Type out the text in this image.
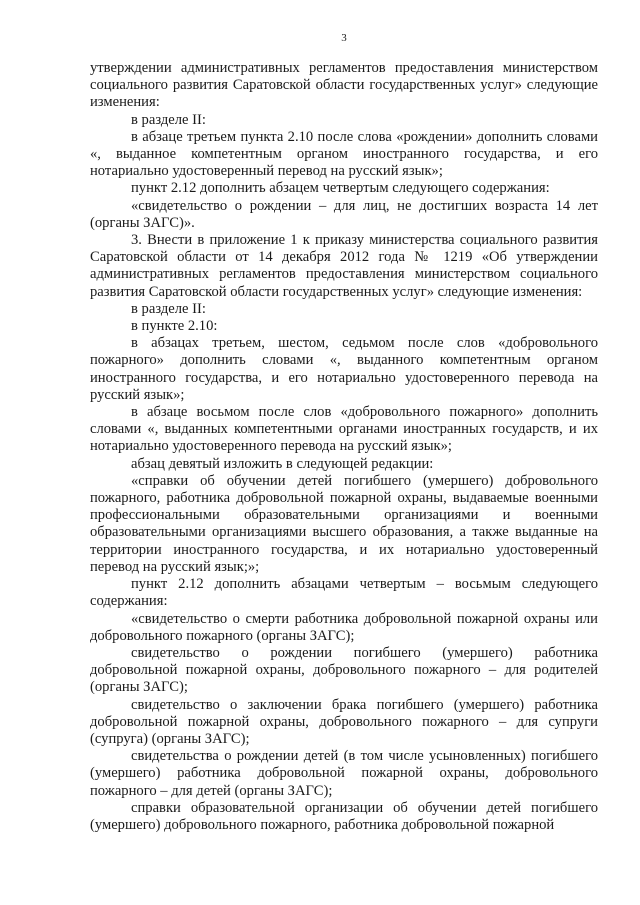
3

утверждении административных регламентов предоставления министерством социального развития Саратовской области государственных услуг» следующие изменения:

в разделе II:

в абзаце третьем пункта 2.10 после слова «рождении» дополнить словами «, выданное компетентным органом иностранного государства, и его нотариально удостоверенный перевод на русский язык»;

пункт 2.12 дополнить абзацем четвертым следующего содержания:

«свидетельство о рождении – для лиц, не достигших возраста 14 лет (органы ЗАГС)».

3. Внести в приложение 1 к приказу министерства социального развития Саратовской области от 14 декабря 2012 года № 1219 «Об утверждении административных регламентов предоставления министерством социального развития Саратовской области государственных услуг» следующие изменения:

в разделе II:

в пункте 2.10:

в абзацах третьем, шестом, седьмом после слов «добровольного пожарного» дополнить словами «, выданного компетентным органом иностранного государства, и его нотариально удостоверенного перевода на русский язык»;

в абзаце восьмом после слов «добровольного пожарного» дополнить словами «, выданных компетентными органами иностранных государств, и их нотариально удостоверенного перевода на русский язык»;

абзац девятый изложить в следующей редакции:

«справки об обучении детей погибшего (умершего) добровольного пожарного, работника добровольной пожарной охраны, выдаваемые военными профессиональными образовательными организациями и военными образовательными организациями высшего образования, а также выданные на территории иностранного государства, и их нотариально удостоверенный перевод на русский язык;»;

пункт 2.12 дополнить абзацами четвертым – восьмым следующего содержания:

«свидетельство о смерти работника добровольной пожарной охраны или добровольного пожарного (органы ЗАГС);

свидетельство о рождении погибшего (умершего) работника добровольной пожарной охраны, добровольного пожарного – для родителей (органы ЗАГС);

свидетельство о заключении брака погибшего (умершего) работника добровольной пожарной охраны, добровольного пожарного – для супруги (супруга) (органы ЗАГС);

свидетельства о рождении детей (в том числе усыновленных) погибшего (умершего) работника добровольной пожарной охраны, добровольного пожарного – для детей (органы ЗАГС);

справки образовательной организации об обучении детей погибшего (умершего) добровольного пожарного, работника добровольной пожарной
